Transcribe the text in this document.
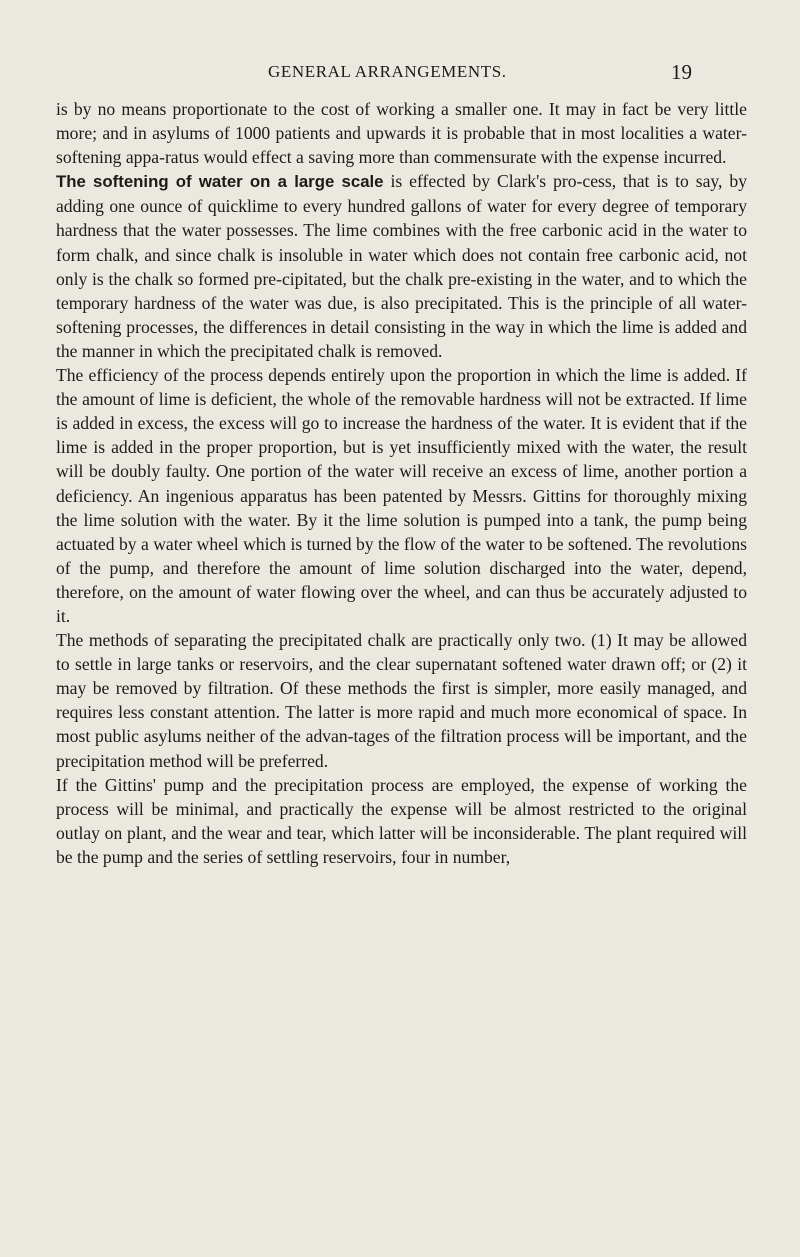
GENERAL ARRANGEMENTS.	19

is by no means proportionate to the cost of working a smaller one. It may in fact be very little more; and in asylums of 1000 patients and upwards it is probable that in most localities a water-softening appa-ratus would effect a saving more than commensurate with the expense incurred.

The softening of water on a large scale is effected by Clark's pro-cess, that is to say, by adding one ounce of quicklime to every hundred gallons of water for every degree of temporary hardness that the water possesses. The lime combines with the free carbonic acid in the water to form chalk, and since chalk is insoluble in water which does not contain free carbonic acid, not only is the chalk so formed pre-cipitated, but the chalk pre-existing in the water, and to which the temporary hardness of the water was due, is also precipitated. This is the principle of all water-softening processes, the differences in detail consisting in the way in which the lime is added and the manner in which the precipitated chalk is removed.

The efficiency of the process depends entirely upon the proportion in which the lime is added. If the amount of lime is deficient, the whole of the removable hardness will not be extracted. If lime is added in excess, the excess will go to increase the hardness of the water. It is evident that if the lime is added in the proper proportion, but is yet insufficiently mixed with the water, the result will be doubly faulty. One portion of the water will receive an excess of lime, another portion a deficiency. An ingenious apparatus has been patented by Messrs. Gittins for thoroughly mixing the lime solution with the water. By it the lime solution is pumped into a tank, the pump being actuated by a water wheel which is turned by the flow of the water to be softened. The revolutions of the pump, and therefore the amount of lime solution discharged into the water, depend, therefore, on the amount of water flowing over the wheel, and can thus be accurately adjusted to it.

The methods of separating the precipitated chalk are practically only two. (1) It may be allowed to settle in large tanks or reservoirs, and the clear supernatant softened water drawn off; or (2) it may be removed by filtration. Of these methods the first is simpler, more easily managed, and requires less constant attention. The latter is more rapid and much more economical of space. In most public asylums neither of the advan-tages of the filtration process will be important, and the precipitation method will be preferred.

If the Gittins' pump and the precipitation process are employed, the expense of working the process will be minimal, and practically the expense will be almost restricted to the original outlay on plant, and the wear and tear, which latter will be inconsiderable. The plant required will be the pump and the series of settling reservoirs, four in number,
